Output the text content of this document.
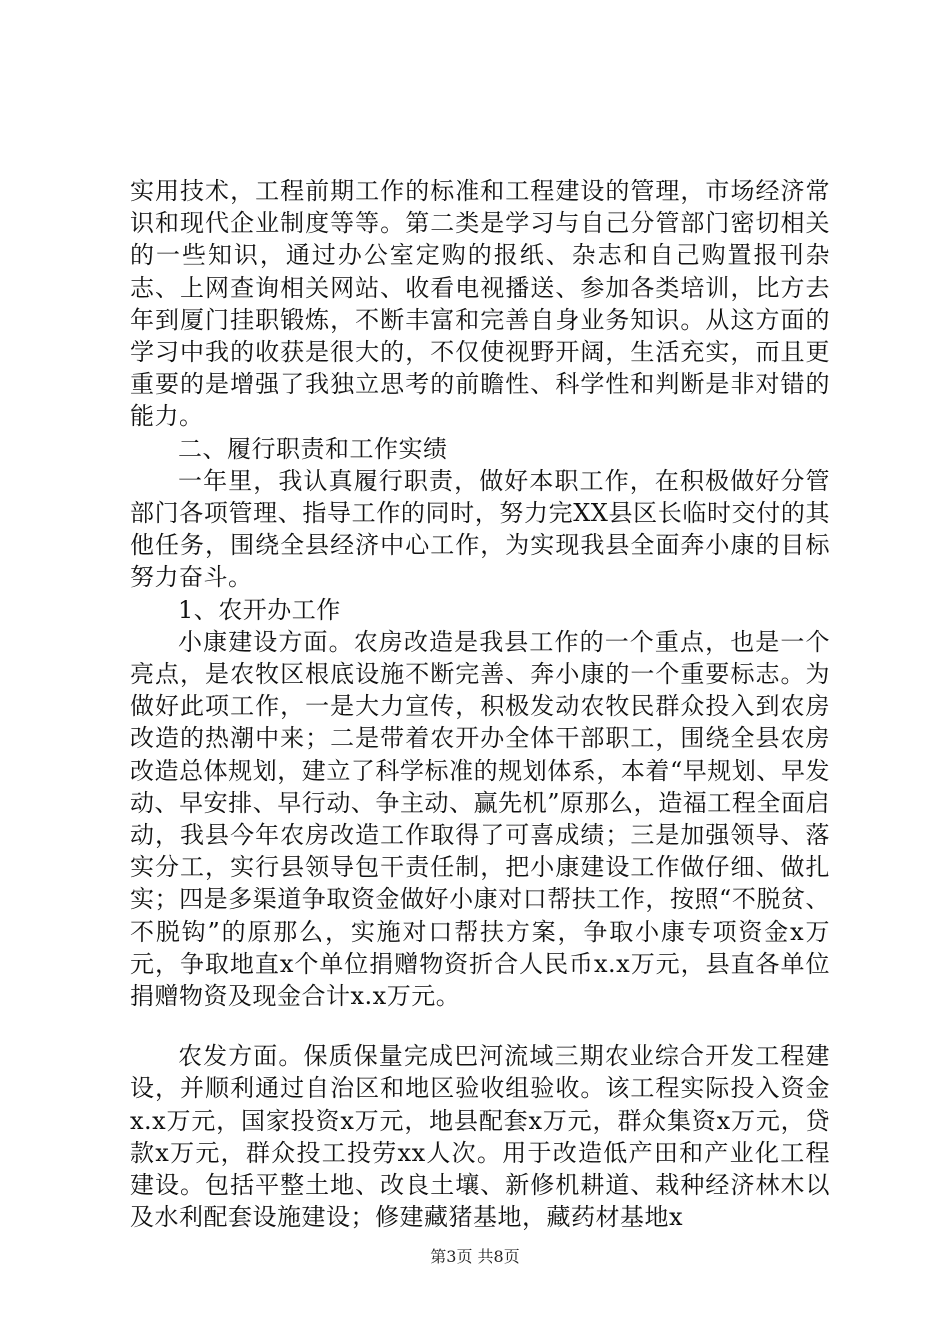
实用技术，工程前期工作的标准和工程建设的管理，市场经济常识和现代企业制度等等。第二类是学习与自己分管部门密切相关的一些知识，通过办公室定购的报纸、杂志和自己购置报刊杂志、上网查询相关网站、收看电视播送、参加各类培训，比方去年到厦门挂职锻炼，不断丰富和完善自身业务知识。从这方面的学习中我的收获是很大的，不仅使视野开阔，生活充实，而且更重要的是增强了我独立思考的前瞻性、科学性和判断是非对错的能力。

二、履行职责和工作实绩

一年里，我认真履行职责，做好本职工作，在积极做好分管部门各项管理、指导工作的同时，努力完XX县区长临时交付的其他任务，围绕全县经济中心工作，为实现我县全面奔小康的目标努力奋斗。

1、农开办工作

小康建设方面。农房改造是我县工作的一个重点，也是一个亮点，是农牧区根底设施不断完善、奔小康的一个重要标志。为做好此项工作，一是大力宣传，积极发动农牧民群众投入到农房改造的热潮中来；二是带着农开办全体干部职工，围绕全县农房改造总体规划，建立了科学标准的规划体系，本着“早规划、早发动、早安排、早行动、争主动、赢先机”原那么，造福工程全面启动，我县今年农房改造工作取得了可喜成绩；三是加强领导、落实分工，实行县领导包干责任制，把小康建设工作做仔细、做扎实；四是多渠道争取资金做好小康对口帮扶工作，按照“不脱贫、不脱钩”的原那么，实施对口帮扶方案，争取小康专项资金x万元，争取地直x个单位捐赠物资折合人民币x.x万元，县直各单位捐赠物资及现金合计x.x万元。

农发方面。保质保量完成巴河流域三期农业综合开发工程建设，并顺利通过自治区和地区验收组验收。该工程实际投入资金x.x万元，国家投资x万元，地县配套x万元，群众集资x万元，贷款x万元，群众投工投劳xx人次。用于改造低产田和产业化工程建设。包括平整土地、改良土壤、新修机耕道、栽种经济林木以及水利配套设施建设；修建藏猪基地，藏药材基地x

第3页 共8页
